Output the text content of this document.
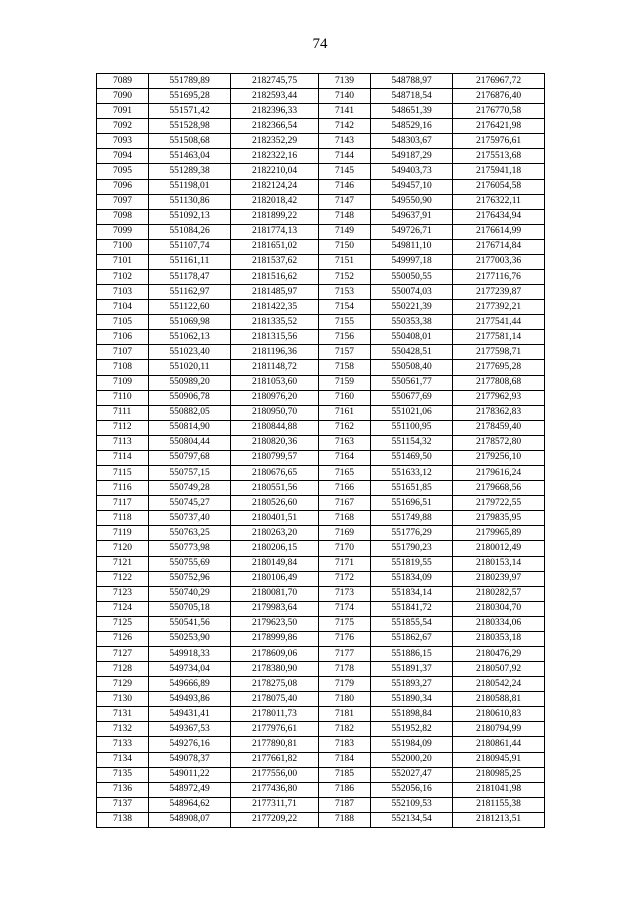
74
7089	551789,89	2182745,75	7139	548788,97	2176967,72
7090	551695,28	2182593,44	7140	548718,54	2176876,40
7091	551571,42	2182396,33	7141	548651,39	2176770,58
7092	551528,98	2182366,54	7142	548529,16	2176421,98
7093	551508,68	2182352,29	7143	548303,67	2175976,61
7094	551463,04	2182322,16	7144	549187,29	2175513,68
7095	551289,38	2182210,04	7145	549403,73	2175941,18
7096	551198,01	2182124,24	7146	549457,10	2176054,58
7097	551130,86	2182018,42	7147	549550,90	2176322,11
7098	551092,13	2181899,22	7148	549637,91	2176434,94
7099	551084,26	2181774,13	7149	549726,71	2176614,99
7100	551107,74	2181651,02	7150	549811,10	2176714,84
7101	551161,11	2181537,62	7151	549997,18	2177003,36
7102	551178,47	2181516,62	7152	550050,55	2177116,76
7103	551162,97	2181485,97	7153	550074,03	2177239,87
7104	551122,60	2181422,35	7154	550221,39	2177392,21
7105	551069,98	2181335,52	7155	550353,38	2177541,44
7106	551062,13	2181315,56	7156	550408,01	2177581,14
7107	551023,40	2181196,36	7157	550428,51	2177598,71
7108	551020,11	2181148,72	7158	550508,40	2177695,28
7109	550989,20	2181053,60	7159	550561,77	2177808,68
7110	550906,78	2180976,20	7160	550677,69	2177962,93
7111	550882,05	2180950,70	7161	551021,06	2178362,83
7112	550814,90	2180844,88	7162	551100,95	2178459,40
7113	550804,44	2180820,36	7163	551154,32	2178572,80
7114	550797,68	2180799,57	7164	551469,50	2179256,10
7115	550757,15	2180676,65	7165	551633,12	2179616,24
7116	550749,28	2180551,56	7166	551651,85	2179668,56
7117	550745,27	2180526,60	7167	551696,51	2179722,55
7118	550737,40	2180401,51	7168	551749,88	2179835,95
7119	550763,25	2180263,20	7169	551776,29	2179965,89
7120	550773,98	2180206,15	7170	551790,23	2180012,49
7121	550755,69	2180149,84	7171	551819,55	2180153,14
7122	550752,96	2180106,49	7172	551834,09	2180239,97
7123	550740,29	2180081,70	7173	551834,14	2180282,57
7124	550705,18	2179983,64	7174	551841,72	2180304,70
7125	550541,56	2179623,50	7175	551855,54	2180334,06
7126	550253,90	2178999,86	7176	551862,67	2180353,18
7127	549918,33	2178609,06	7177	551886,15	2180476,29
7128	549734,04	2178380,90	7178	551891,37	2180507,92
7129	549666,89	2178275,08	7179	551893,27	2180542,24
7130	549493,86	2178075,40	7180	551890,34	2180588,81
7131	549431,41	2178011,73	7181	551898,84	2180610,83
7132	549367,53	2177976,61	7182	551952,82	2180794,99
7133	549276,16	2177890,81	7183	551984,09	2180861,44
7134	549078,37	2177661,82	7184	552000,20	2180945,91
7135	549011,22	2177556,00	7185	552027,47	2180985,25
7136	548972,49	2177436,80	7186	552056,16	2181041,98
7137	548964,62	2177311,71	7187	552109,53	2181155,38
7138	548908,07	2177209,22	7188	552134,54	2181213,51
